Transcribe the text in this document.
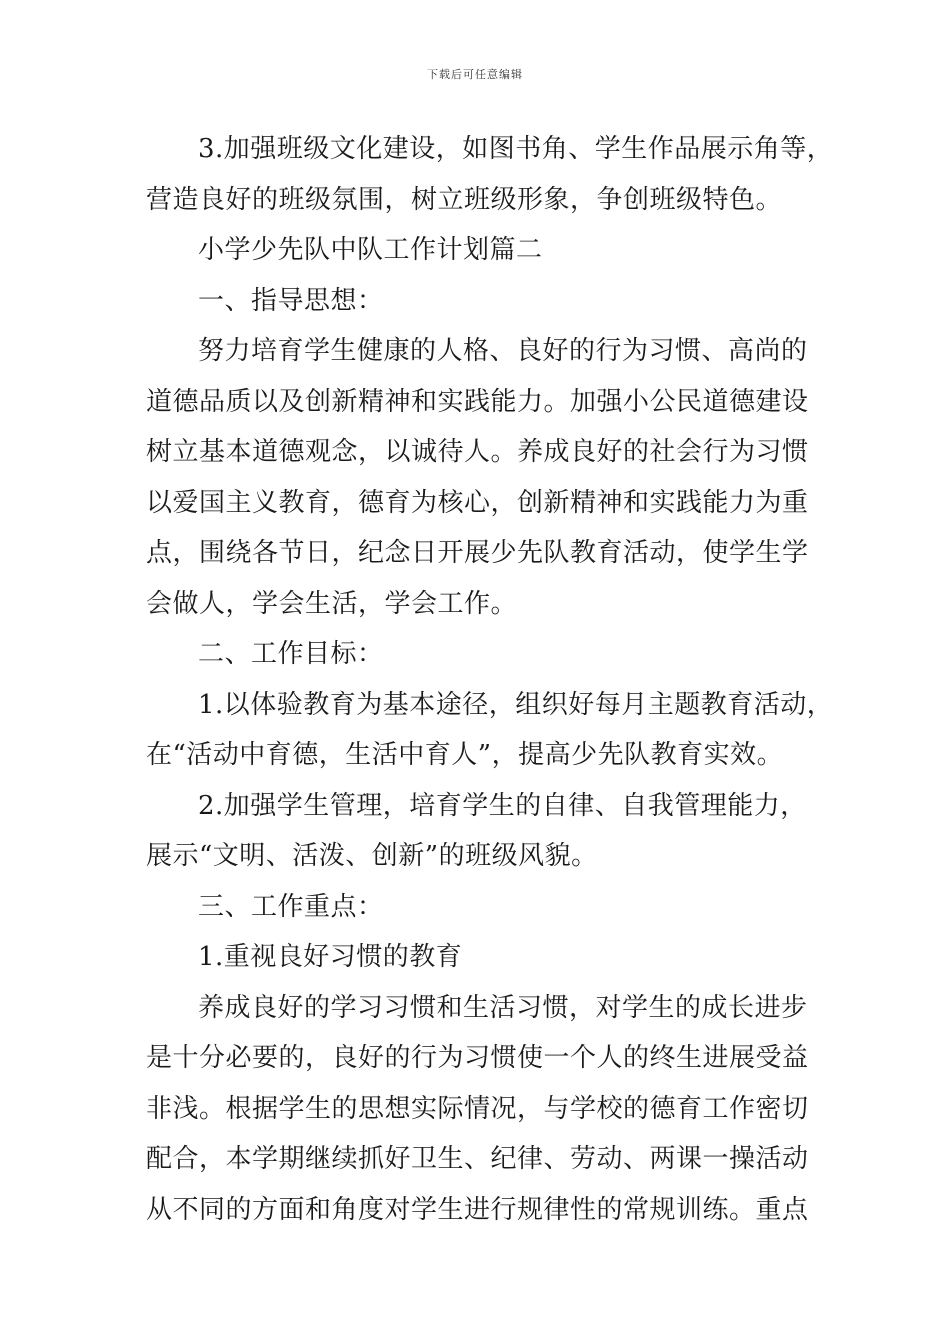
下载后可任意编辑
3.加强班级文化建设，如图书角、学生作品展示角等，
营造良好的班级氛围，树立班级形象，争创班级特色。
小学少先队中队工作计划篇二
一、指导思想：
努力培育学生健康的人格、良好的行为习惯、高尚的
道德品质以及创新精神和实践能力。加强小公民道德建设
树立基本道德观念，以诚待人。养成良好的社会行为习惯
以爱国主义教育，德育为核心，创新精神和实践能力为重
点，围绕各节日，纪念日开展少先队教育活动，使学生学
会做人，学会生活，学会工作。
二、工作目标：
1.以体验教育为基本途径，组织好每月主题教育活动，
在“活动中育德，生活中育人”，提高少先队教育实效。
2.加强学生管理，培育学生的自律、自我管理能力，
展示“文明、活泼、创新”的班级风貌。
三、工作重点：
1.重视良好习惯的教育
养成良好的学习习惯和生活习惯，对学生的成长进步
是十分必要的，良好的行为习惯使一个人的终生进展受益
非浅。根据学生的思想实际情况，与学校的德育工作密切
配合，本学期继续抓好卫生、纪律、劳动、两课一操活动
从不同的方面和角度对学生进行规律性的常规训练。重点
